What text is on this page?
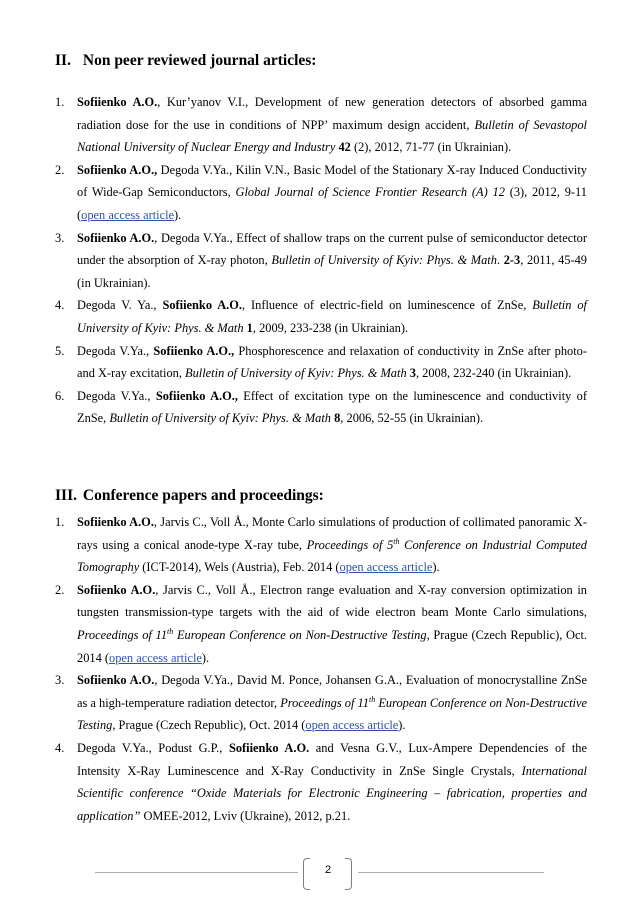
II. Non peer reviewed journal articles:
1. Sofiienko A.O., Kur’yanov V.I., Development of new generation detectors of absorbed gamma radiation dose for the use in conditions of NPP’ maximum design accident, Bulletin of Sevastopol National University of Nuclear Energy and Industry 42 (2), 2012, 71-77 (in Ukrainian).
2. Sofiienko A.O., Degoda V.Ya., Kilin V.N., Basic Model of the Stationary X-ray Induced Conductivity of Wide-Gap Semiconductors, Global Journal of Science Frontier Research (A) 12 (3), 2012, 9-11 (open access article).
3. Sofiienko A.O., Degoda V.Ya., Effect of shallow traps on the current pulse of semiconductor detector under the absorption of X-ray photon, Bulletin of University of Kyiv: Phys. & Math. 2-3, 2011, 45-49 (in Ukrainian).
4. Degoda V. Ya., Sofiienko A.O., Influence of electric-field on luminescence of ZnSe, Bulletin of University of Kyiv: Phys. & Math 1, 2009, 233-238 (in Ukrainian).
5. Degoda V.Ya., Sofiienko A.O., Phosphorescence and relaxation of conductivity in ZnSe after photo- and X-ray excitation, Bulletin of University of Kyiv: Phys. & Math 3, 2008, 232-240 (in Ukrainian).
6. Degoda V.Ya., Sofiienko A.O., Effect of excitation type on the luminescence and conductivity of ZnSe, Bulletin of University of Kyiv: Phys. & Math 8, 2006, 52-55 (in Ukrainian).
III. Conference papers and proceedings:
1. Sofiienko A.O., Jarvis C., Voll Å., Monte Carlo simulations of production of collimated panoramic X-rays using a conical anode-type X-ray tube, Proceedings of 5th Conference on Industrial Computed Tomography (ICT-2014), Wels (Austria), Feb. 2014 (open access article).
2. Sofiienko A.O., Jarvis C., Voll Å., Electron range evaluation and X-ray conversion optimization in tungsten transmission-type targets with the aid of wide electron beam Monte Carlo simulations, Proceedings of 11th European Conference on Non-Destructive Testing, Prague (Czech Republic), Oct. 2014 (open access article).
3. Sofiienko A.O., Degoda V.Ya., David M. Ponce, Johansen G.A., Evaluation of monocrystalline ZnSe as a high-temperature radiation detector, Proceedings of 11th European Conference on Non-Destructive Testing, Prague (Czech Republic), Oct. 2014 (open access article).
4. Degoda V.Ya., Podust G.P., Sofiienko A.O. and Vesna G.V., Lux-Ampere Dependencies of the Intensity X-Ray Luminescence and X-Ray Conductivity in ZnSe Single Crystals, International Scientific conference “Oxide Materials for Electronic Engineering – fabrication, properties and application” OMEE-2012, Lviv (Ukraine), 2012, p.21.
2
